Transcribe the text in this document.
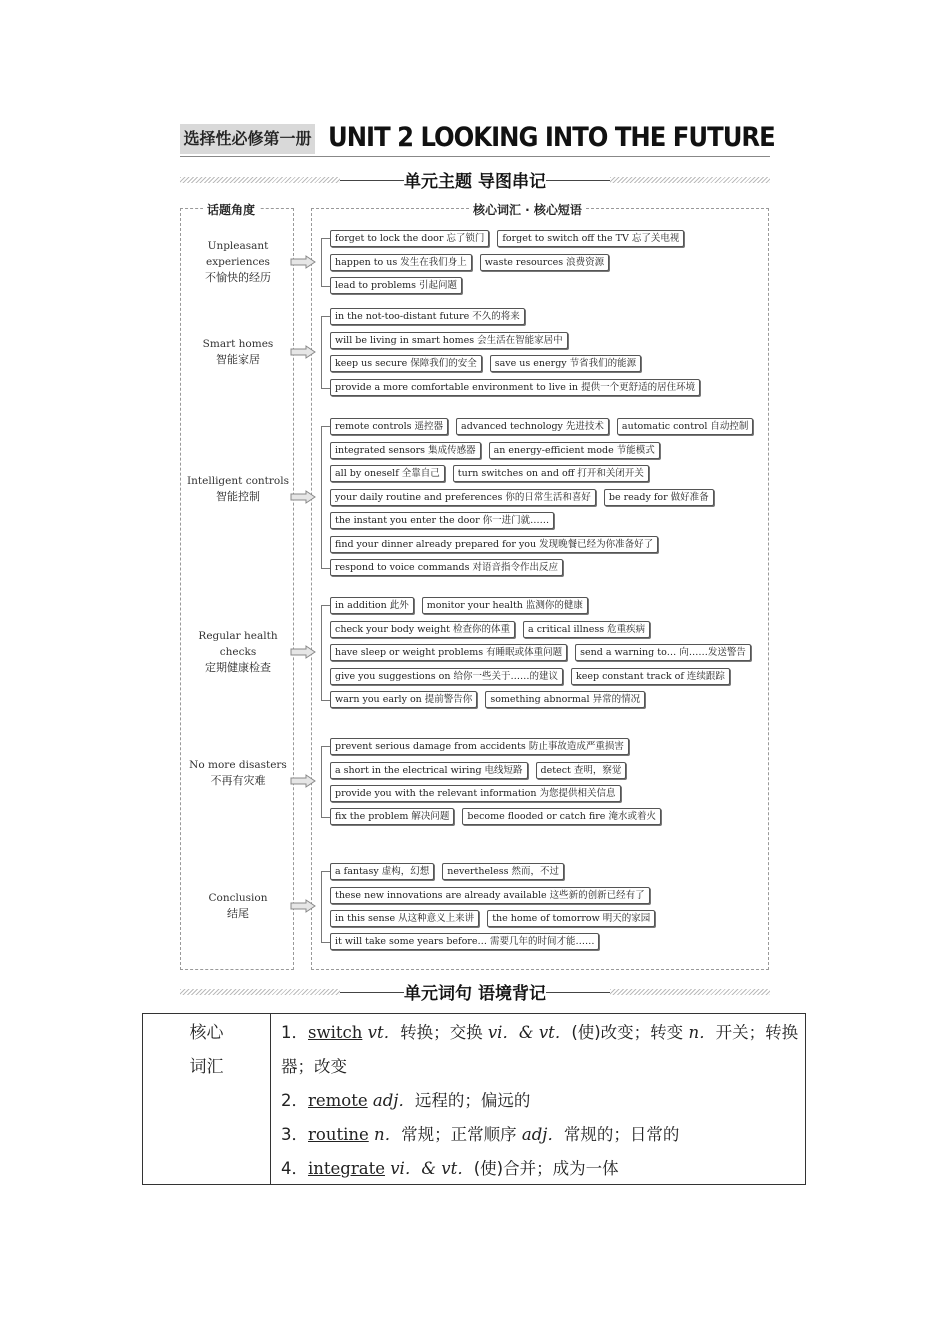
选择性必修第一册 UNIT 2 LOOKING INTO THE FUTURE
单元主题 导图串记
话题角度	核心词汇 · 核心短语
Unpleasant experiences
不愉快的经历
forget to lock the door 忘了锁门	forget to switch off the TV 忘了关电视
happen to us 发生在我们身上	waste resources 浪费资源
lead to problems 引起问题
Smart homes
智能家居
in the not-too-distant future 不久的将来
will be living in smart homes 会生活在智能家居中
keep us secure 保障我们的安全	save us energy 节省我们的能源
provide a more comfortable environment to live in 提供一个更舒适的居住环境
Intelligent controls
智能控制
remote controls 遥控器	advanced technology 先进技术	automatic control 自动控制
integrated sensors 集成传感器	an energy-efficient mode 节能模式
all by oneself 全靠自己	turn switches on and off 打开和关闭开关
your daily routine and preferences 你的日常生活和喜好	be ready for 做好准备
the instant you enter the door 你一进门就……
find your dinner already prepared for you 发现晚餐已经为你准备好了
respond to voice commands 对语音指令作出反应
Regular health checks
定期健康检查
in addition 此外	monitor your health 监测你的健康
check your body weight 检查你的体重	a critical illness 危重疾病
have sleep or weight problems 有睡眠或体重问题	send a warning to… 向……发送警告
give you suggestions on 给你一些关于……的建议	keep constant track of 连续跟踪
warn you early on 提前警告你	something abnormal 异常的情况
No more disasters
不再有灾难
prevent serious damage from accidents 防止事故造成严重损害
a short in the electrical wiring 电线短路	detect 查明，察觉
provide you with the relevant information 为您提供相关信息
fix the problem 解决问题	become flooded or catch fire 淹水或着火
Conclusion
结尾
a fantasy 虚构，幻想	nevertheless 然而，不过
these new innovations are already available 这些新的创新已经有了
in this sense 从这种意义上来讲	the home of tomorrow 明天的家园
it will take some years before… 需要几年的时间才能……
单元词句 语境背记
核心
词汇
1．switch vt．转换；交换 vi．& vt．(使)改变；转变 n．开关；转换器；改变
2．remote adj．远程的；偏远的
3．routine n．常规；正常顺序 adj．常规的；日常的
4．integrate vi．& vt．(使)合并；成为一体
